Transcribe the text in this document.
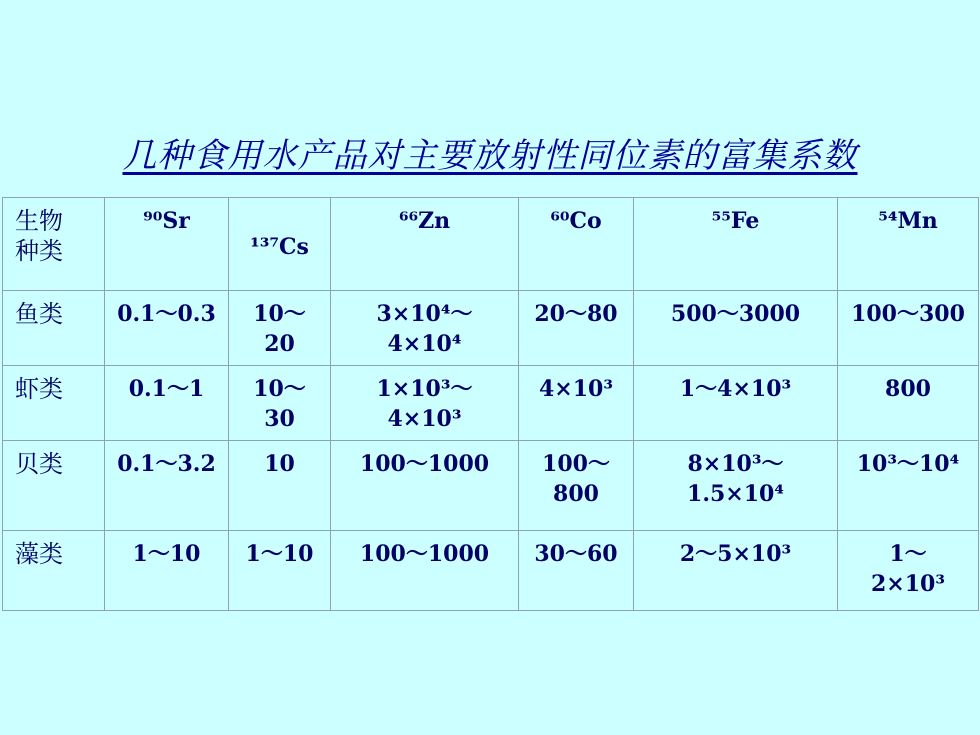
几种食用水产品对主要放射性同位素的富集系数
生物
种类	⁹⁰Sr	¹³⁷Cs	⁶⁶Zn	⁶⁰Co	⁵⁵Fe	⁵⁴Mn
鱼类	0.1～0.3	10～
20	3×10⁴～
4×10⁴	20～80	500～3000	100～300

虾类	0.1～1	10～
30	1×10³～
4×10³	4×10³	1～4×10³	800

贝类	0.1～3.2	10	100～1000	100～
800	8×10³～
1.5×10⁴	10³～10⁴

藻类	1～10	1～10	100～1000	30～60	2～5×10³	1～
2×10³
